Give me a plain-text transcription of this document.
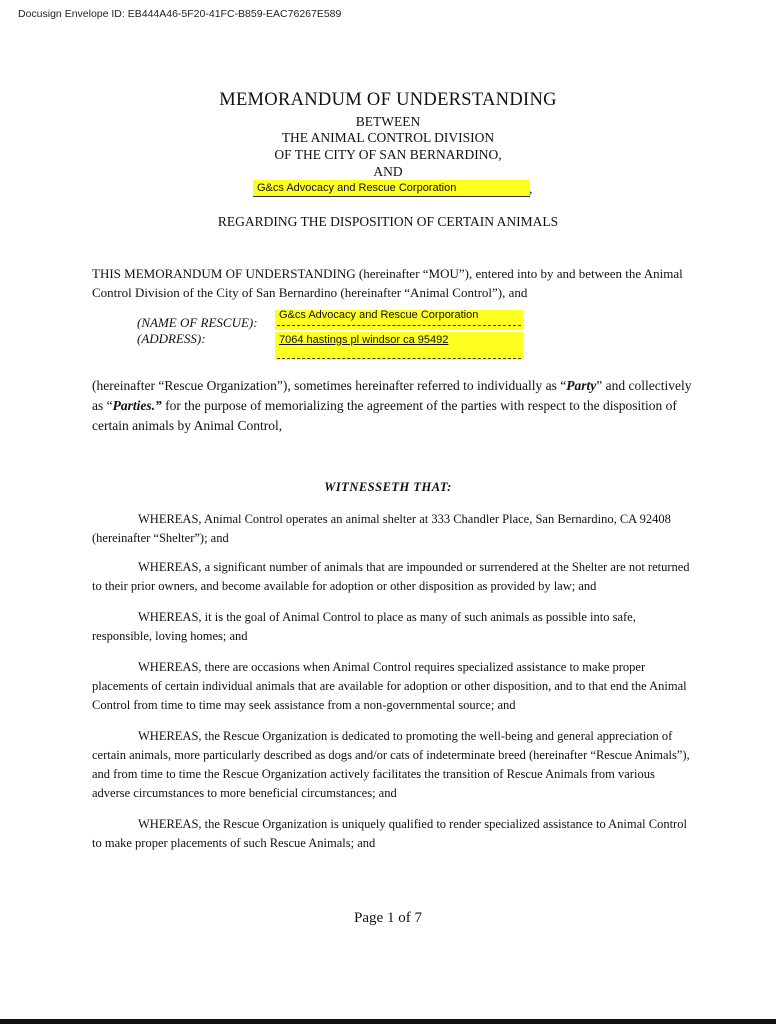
Docusign Envelope ID: EB444A46-5F20-41FC-B859-EAC76267E589
MEMORANDUM OF UNDERSTANDING
BETWEEN
THE ANIMAL CONTROL DIVISION
OF THE CITY OF SAN BERNARDINO,
AND
G&cs Advocacy and Rescue Corporation	,
REGARDING THE DISPOSITION OF CERTAIN ANIMALS
THIS MEMORANDUM OF UNDERSTANDING (hereinafter “MOU”), entered into by and between the Animal Control Division of the City of San Bernardino (hereinafter “Animal Control”), and
(NAME OF RESCUE):
(ADDRESS):
G&cs Advocacy and Rescue Corporation
7064 hastings pl windsor ca 95492
(hereinafter “Rescue Organization”), sometimes hereinafter referred to individually as “Party” and collectively as “Parties.” for the purpose of memorializing the agreement of the parties with respect to the disposition of certain animals by Animal Control,
WITNESSETH THAT:
WHEREAS, Animal Control operates an animal shelter at 333 Chandler Place, San Bernardino, CA 92408 (hereinafter “Shelter”); and
WHEREAS, a significant number of animals that are impounded or surrendered at the Shelter are not returned to their prior owners, and become available for adoption or other disposition as provided by law; and
WHEREAS, it is the goal of Animal Control to place as many of such animals as possible into safe, responsible, loving homes; and
WHEREAS, there are occasions when Animal Control requires specialized assistance to make proper placements of certain individual animals that are available for adoption or other disposition, and to that end the Animal Control from time to time may seek assistance from a non-governmental source; and
WHEREAS, the Rescue Organization is dedicated to promoting the well-being and general appreciation of certain animals, more particularly described as dogs and/or cats of indeterminate breed (hereinafter “Rescue Animals”), and from time to time the Rescue Organization actively facilitates the transition of Rescue Animals from various adverse circumstances to more beneficial circumstances; and
WHEREAS, the Rescue Organization is uniquely qualified to render specialized assistance to Animal Control to make proper placements of such Rescue Animals; and
Page 1 of 7
